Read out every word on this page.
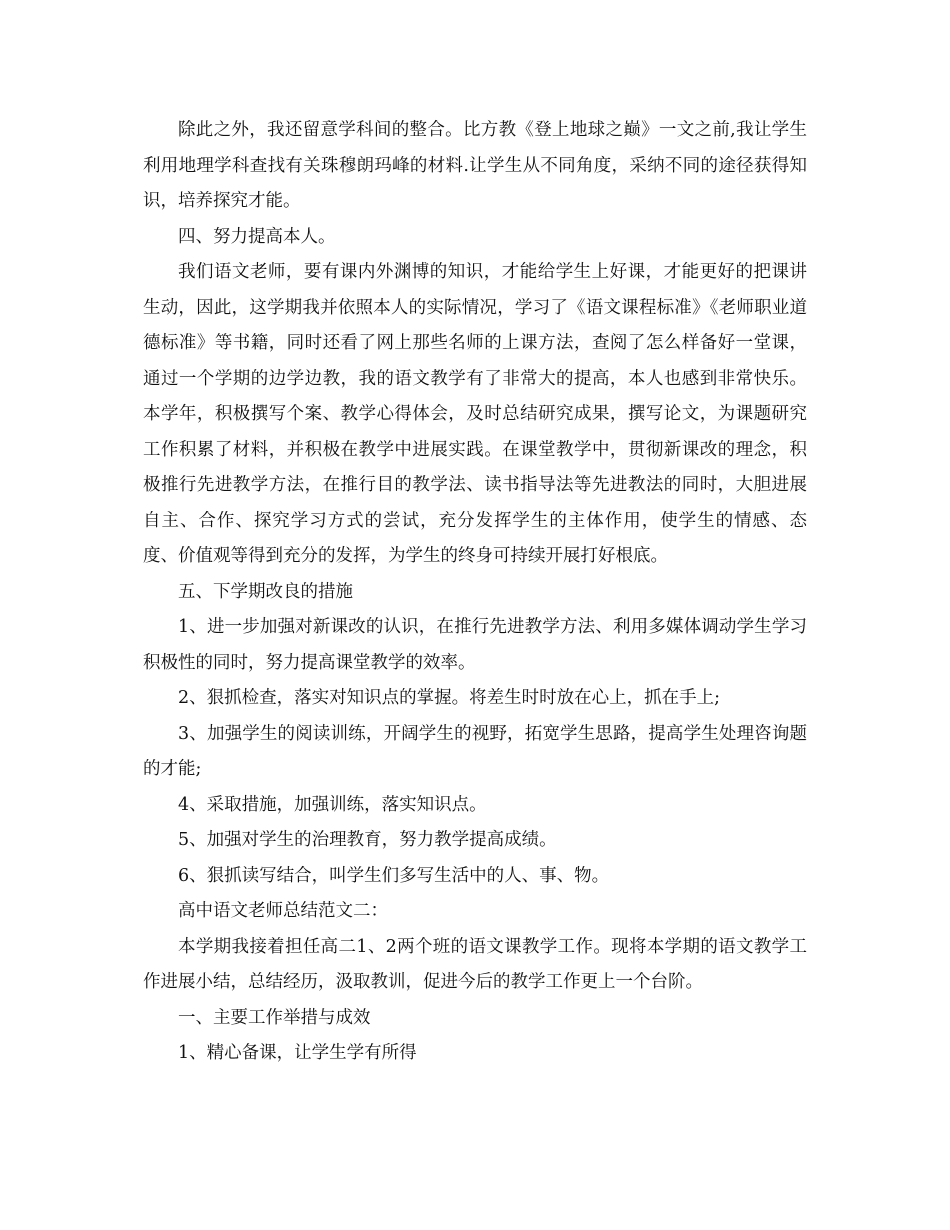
除此之外，我还留意学科间的整合。比方教《登上地球之巅》一文之前,我让学生利用地理学科查找有关珠穆朗玛峰的材料.让学生从不同角度，采纳不同的途径获得知识，培养探究才能。

四、努力提高本人。

我们语文老师，要有课内外渊博的知识，才能给学生上好课，才能更好的把课讲生动，因此，这学期我并依照本人的实际情况，学习了《语文课程标准》《老师职业道德标准》等书籍，同时还看了网上那些名师的上课方法，查阅了怎么样备好一堂课，通过一个学期的边学边教，我的语文教学有了非常大的提高，本人也感到非常快乐。本学年，积极撰写个案、教学心得体会，及时总结研究成果，撰写论文，为课题研究工作积累了材料，并积极在教学中进展实践。在课堂教学中，贯彻新课改的理念，积极推行先进教学方法，在推行目的教学法、读书指导法等先进教法的同时，大胆进展自主、合作、探究学习方式的尝试，充分发挥学生的主体作用，使学生的情感、态度、价值观等得到充分的发挥，为学生的终身可持续开展打好根底。

五、下学期改良的措施

1、进一步加强对新课改的认识，在推行先进教学方法、利用多媒体调动学生学习积极性的同时，努力提高课堂教学的效率。

2、狠抓检查，落实对知识点的掌握。将差生时时放在心上，抓在手上;

3、加强学生的阅读训练，开阔学生的视野，拓宽学生思路，提高学生处理咨询题的才能;

4、采取措施，加强训练，落实知识点。

5、加强对学生的治理教育，努力教学提高成绩。

6、狠抓读写结合，叫学生们多写生活中的人、事、物。

高中语文老师总结范文二：

本学期我接着担任高二1、2两个班的语文课教学工作。现将本学期的语文教学工作进展小结，总结经历，汲取教训，促进今后的教学工作更上一个台阶。

一、主要工作举措与成效

1、精心备课，让学生学有所得
